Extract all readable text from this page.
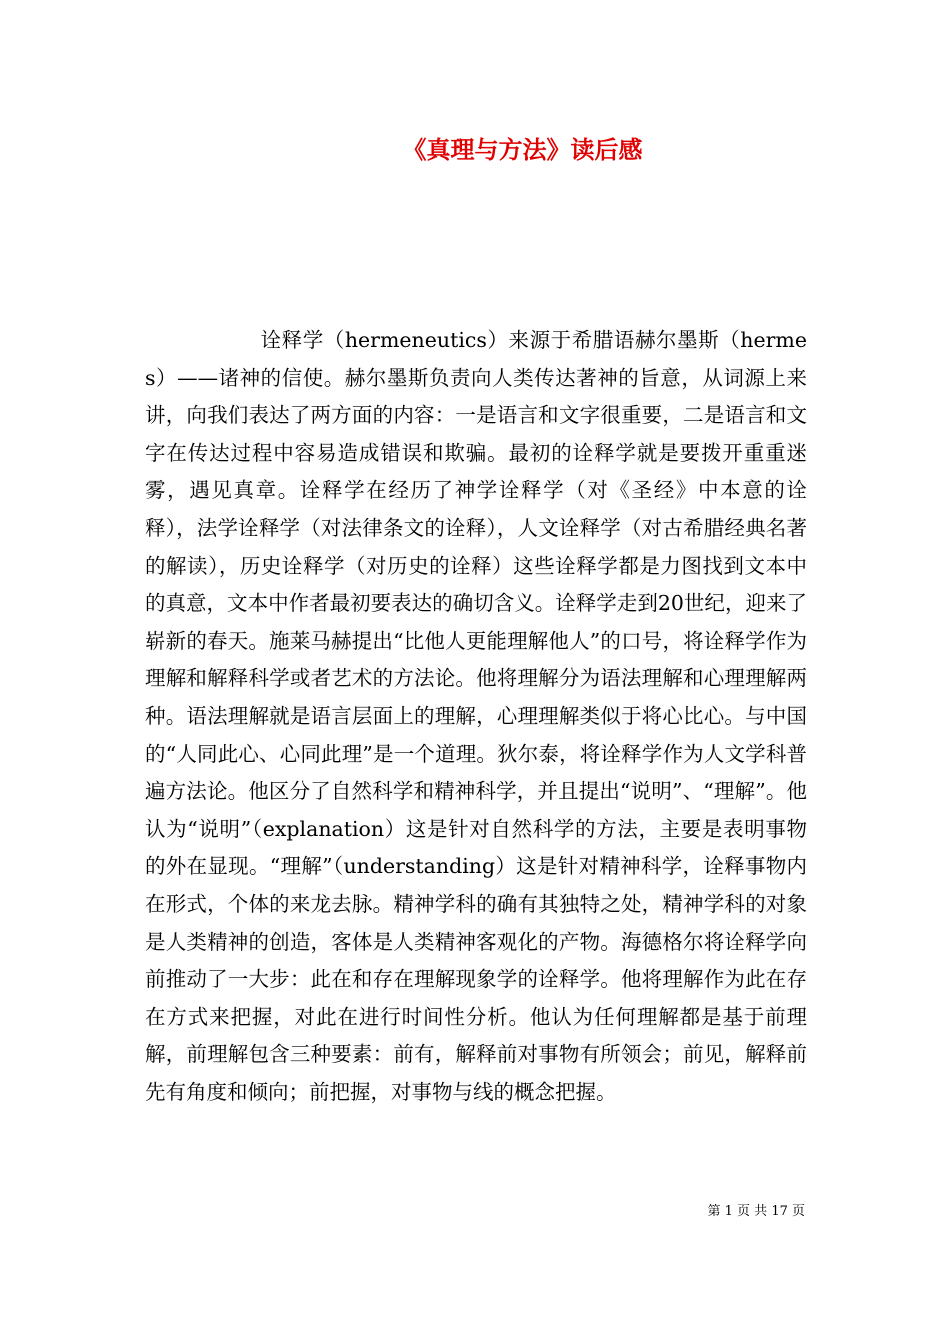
《真理与方法》读后感

诠释学（hermeneutics）来源于希腊语赫尔墨斯（hermes）——诸神的信使。赫尔墨斯负责向人类传达著神的旨意，从词源上来讲，向我们表达了两方面的内容：一是语言和文字很重要，二是语言和文字在传达过程中容易造成错误和欺骗。最初的诠释学就是要拨开重重迷雾，遇见真章。诠释学在经历了神学诠释学（对《圣经》中本意的诠释），法学诠释学（对法律条文的诠释），人文诠释学（对古希腊经典名著的解读），历史诠释学（对历史的诠释）这些诠释学都是力图找到文本中的真意，文本中作者最初要表达的确切含义。诠释学走到20世纪，迎来了崭新的春天。施莱马赫提出“比他人更能理解他人”的口号，将诠释学作为理解和解释科学或者艺术的方法论。他将理解分为语法理解和心理理解两种。语法理解就是语言层面上的理解，心理理解类似于将心比心。与中国的“人同此心、心同此理”是一个道理。狄尔泰，将诠释学作为人文学科普遍方法论。他区分了自然科学和精神科学，并且提出“说明”、“理解”。他认为“说明”（explanation）这是针对自然科学的方法，主要是表明事物的外在显现。“理解”（understanding）这是针对精神科学，诠释事物内在形式，个体的来龙去脉。精神学科的确有其独特之处，精神学科的对象是人类精神的创造，客体是人类精神客观化的产物。海德格尔将诠释学向前推动了一大步：此在和存在理解现象学的诠释学。他将理解作为此在存在方式来把握，对此在进行时间性分析。他认为任何理解都是基于前理解，前理解包含三种要素：前有，解释前对事物有所领会；前见，解释前先有角度和倾向；前把握，对事物与线的概念把握。

第 1 页 共 17 页
